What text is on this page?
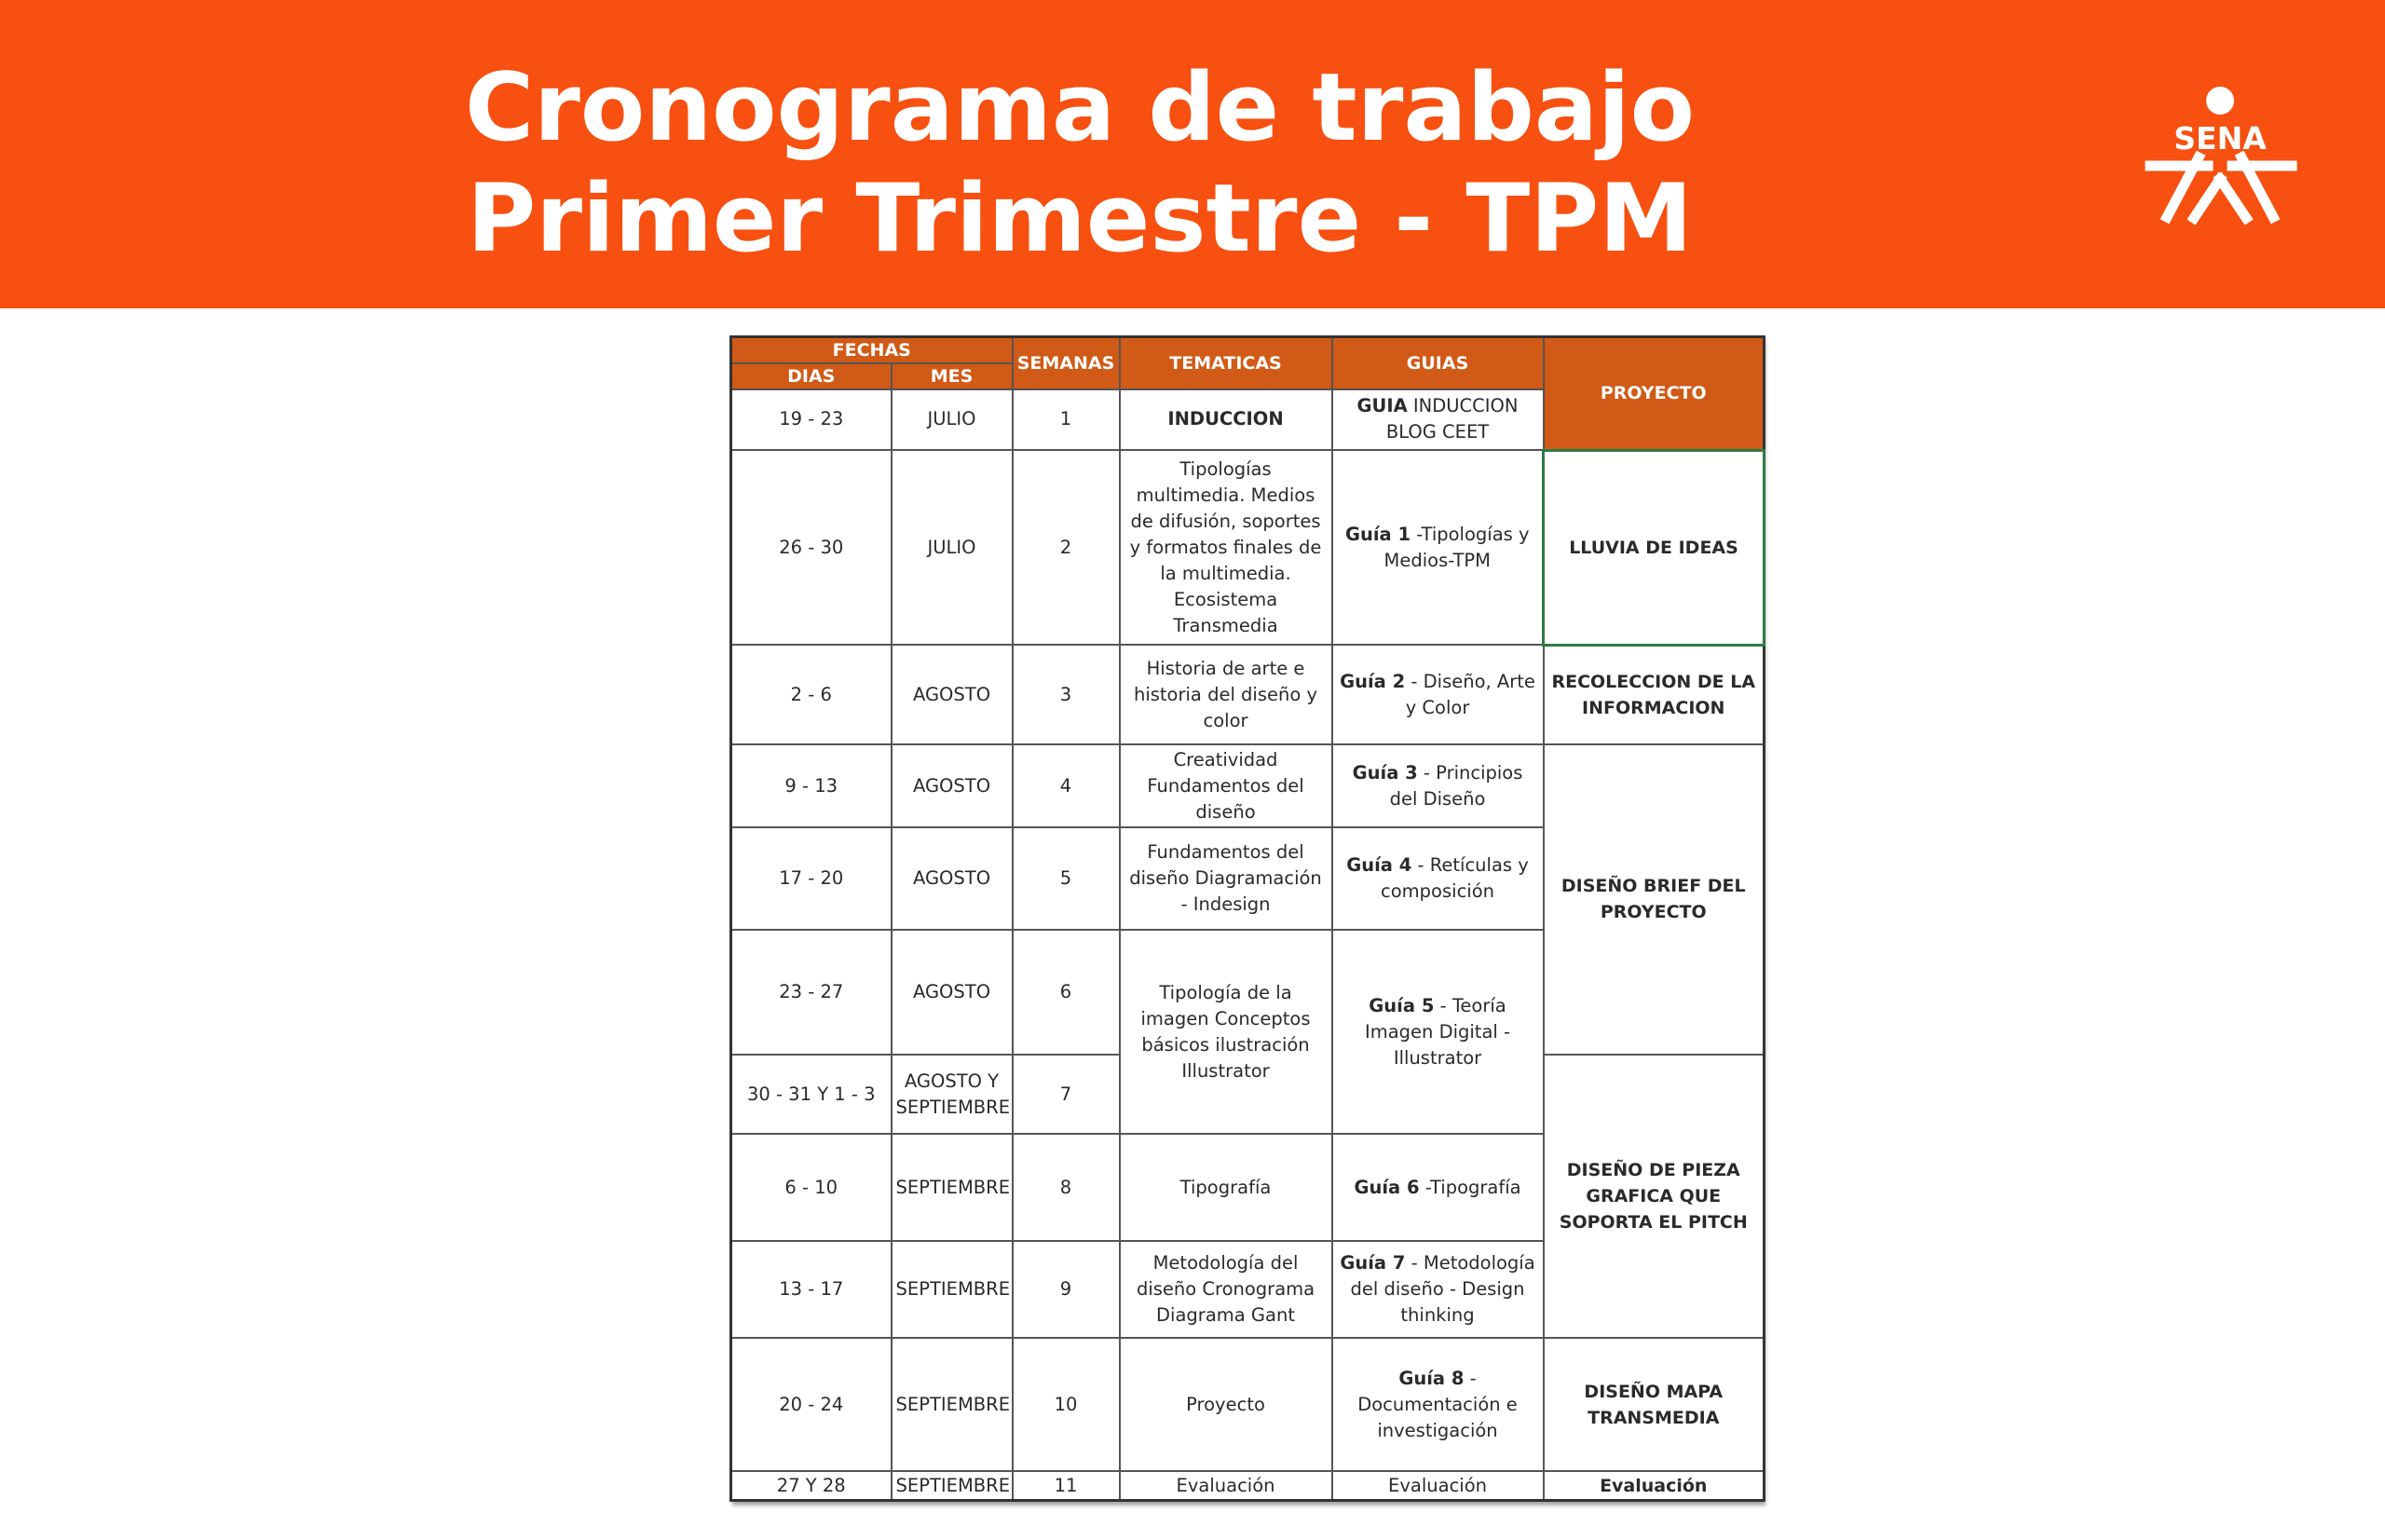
Cronograma de trabajo
Primer Trimestre - TPM
SENA
FECHAS		SEMANAS	TEMATICAS	GUIAS	PROYECTO
DIAS	MES				
19 - 23	JULIO	1	INDUCCION	GUIA INDUCCION BLOG CEET	
26 - 30	JULIO	2	Tipologías multimedia. Medios de difusión, soportes y formatos finales de la multimedia. Ecosistema Transmedia	Guía 1 -Tipologías y Medios-TPM	LLUVIA DE IDEAS
2 - 6	AGOSTO	3	Historia de arte e historia del diseño y color	Guía 2 - Diseño, Arte y Color	RECOLECCION DE LA INFORMACION
9 - 13	AGOSTO	4	Creatividad Fundamentos del diseño	Guía 3 - Principios del Diseño	DISEÑO BRIEF DEL PROYECTO
17 - 20	AGOSTO	5	Fundamentos del diseño Diagramación - Indesign	Guía 4 - Retículas y composición	
23 - 27	AGOSTO	6	Tipología de la imagen Conceptos básicos ilustración Illustrator	Guía 5 - Teoría Imagen Digital - Illustrator	
30 - 31 Y 1 - 3	AGOSTO Y SEPTIEMBRE	7			DISEÑO DE PIEZA GRAFICA QUE SOPORTA EL PITCH
6 - 10	SEPTIEMBRE	8	Tipografía	Guía 6 -Tipografía	
13 - 17	SEPTIEMBRE	9	Metodología del diseño Cronograma Diagrama Gant	Guía 7 - Metodología del diseño - Design thinking	
20 - 24	SEPTIEMBRE	10	Proyecto	Guía 8 - Documentación e investigación	DISEÑO MAPA TRANSMEDIA
27 Y 28	SEPTIEMBRE	11	Evaluación	Evaluación	Evaluación
